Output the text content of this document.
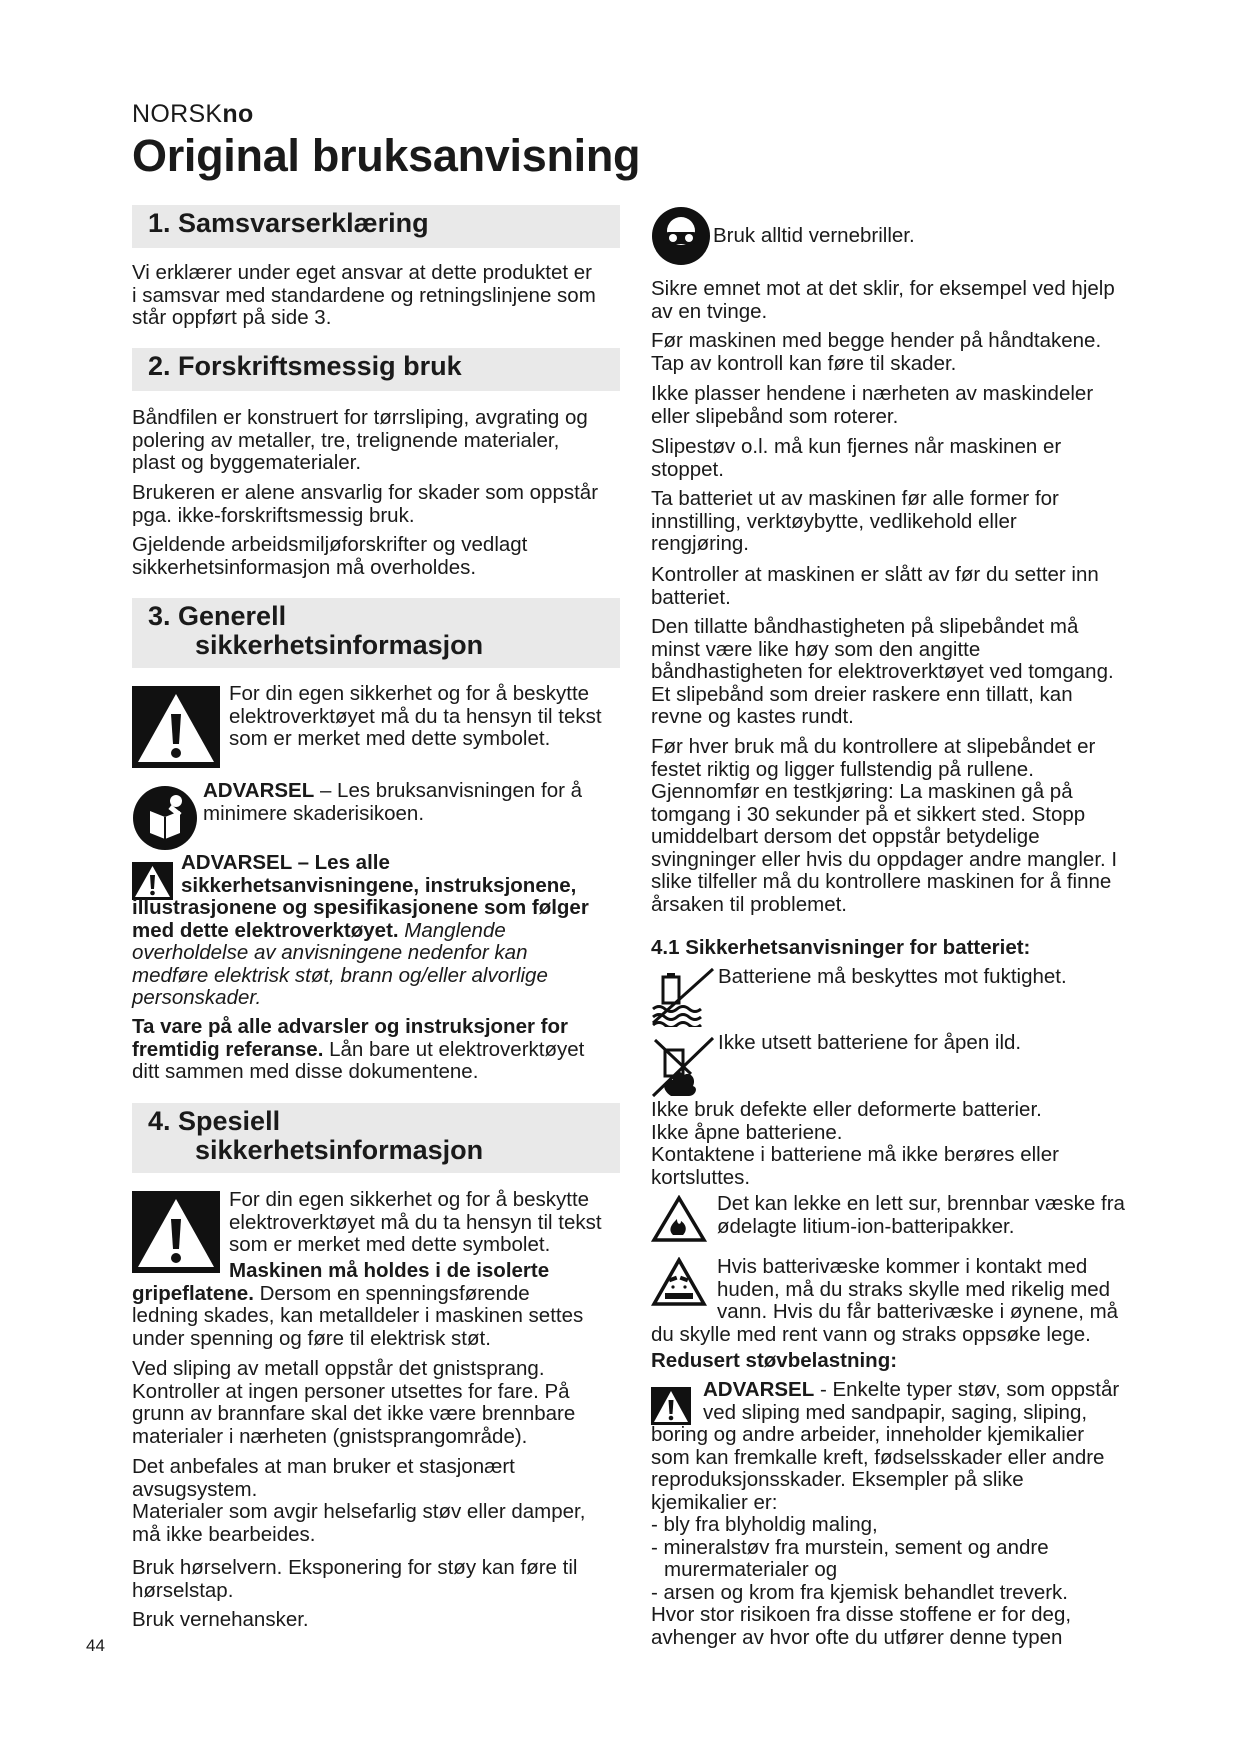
NORSKno
Original bruksanvisning
1. Samsvarserklæring
Vi erklærer under eget ansvar at dette produktet er
i samsvar med standardene og retningslinjene som
står oppført på side 3.
2. Forskriftsmessig bruk
Båndfilen er konstruert for tørrsliping, avgrating og
polering av metaller, tre, trelignende materialer,
plast og byggematerialer.
Brukeren er alene ansvarlig for skader som oppstår
pga. ikke-forskriftsmessig bruk.
Gjeldende arbeidsmiljøforskrifter og vedlagt
sikkerhetsinformasjon må overholdes.
3. Generell
sikkerhetsinformasjon
For din egen sikkerhet og for å beskytte
elektroverktøyet må du ta hensyn til tekst
som er merket med dette symbolet.
ADVARSEL – Les bruksanvisningen for å
minimere skaderisikoen.
ADVARSEL – Les alle
sikkerhetsanvisningene, instruksjonene,
illustrasjonene og spesifikasjonene som følger
med dette elektroverktøyet. Manglende
overholdelse av anvisningene nedenfor kan
medføre elektrisk støt, brann og/eller alvorlige
personskader.
Ta vare på alle advarsler og instruksjoner for
fremtidig referanse. Lån bare ut elektroverktøyet
ditt sammen med disse dokumentene.
4. Spesiell
sikkerhetsinformasjon
For din egen sikkerhet og for å beskytte
elektroverktøyet må du ta hensyn til tekst
som er merket med dette symbolet.
Maskinen må holdes i de isolerte
gripeflatene. Dersom en spenningsførende
ledning skades, kan metalldeler i maskinen settes
under spenning og føre til elektrisk støt.
Ved sliping av metall oppstår det gnistsprang.
Kontroller at ingen personer utsettes for fare. På
grunn av brannfare skal det ikke være brennbare
materialer i nærheten (gnistsprangområde).
Det anbefales at man bruker et stasjonært
avsugsystem.
Materialer som avgir helsefarlig støv eller damper,
må ikke bearbeides.
Bruk hørselvern. Eksponering for støy kan føre til
hørselstap.
Bruk vernehansker.
44
Bruk alltid vernebriller.
Sikre emnet mot at det sklir, for eksempel ved hjelp
av en tvinge.
Før maskinen med begge hender på håndtakene.
Tap av kontroll kan føre til skader.
Ikke plasser hendene i nærheten av maskindeler
eller slipebånd som roterer.
Slipestøv o.l. må kun fjernes når maskinen er
stoppet.
Ta batteriet ut av maskinen før alle former for
innstilling, verktøybytte, vedlikehold eller
rengjøring.
Kontroller at maskinen er slått av før du setter inn
batteriet.
Den tillatte båndhastigheten på slipebåndet må
minst være like høy som den angitte
båndhastigheten for elektroverktøyet ved tomgang.
Et slipebånd som dreier raskere enn tillatt, kan
revne og kastes rundt.
Før hver bruk må du kontrollere at slipebåndet er
festet riktig og ligger fullstendig på rullene.
Gjennomfør en testkjøring: La maskinen gå på
tomgang i 30 sekunder på et sikkert sted. Stopp
umiddelbart dersom det oppstår betydelige
svingninger eller hvis du oppdager andre mangler. I
slike tilfeller må du kontrollere maskinen for å finne
årsaken til problemet.
4.1 Sikkerhetsanvisninger for batteriet:
Batteriene må beskyttes mot fuktighet.
Ikke utsett batteriene for åpen ild.
Ikke bruk defekte eller deformerte batterier.
Ikke åpne batteriene.
Kontaktene i batteriene må ikke berøres eller
kortsluttes.
Det kan lekke en lett sur, brennbar væske fra
ødelagte litium-ion-batteripakker.
Hvis batterivæske kommer i kontakt med
huden, må du straks skylle med rikelig med
vann. Hvis du får batterivæske i øynene, må
du skylle med rent vann og straks oppsøke lege.
Redusert støvbelastning:
ADVARSEL - Enkelte typer støv, som oppstår
ved sliping med sandpapir, saging, sliping,
boring og andre arbeider, inneholder kjemikalier
som kan fremkalle kreft, fødselsskader eller andre
reproduksjonsskader. Eksempler på slike
kjemikalier er:
- bly fra blyholdig maling,
- mineralstøv fra murstein, sement og andre
murermaterialer og
- arsen og krom fra kjemisk behandlet treverk.
Hvor stor risikoen fra disse stoffene er for deg,
avhenger av hvor ofte du utfører denne typen
